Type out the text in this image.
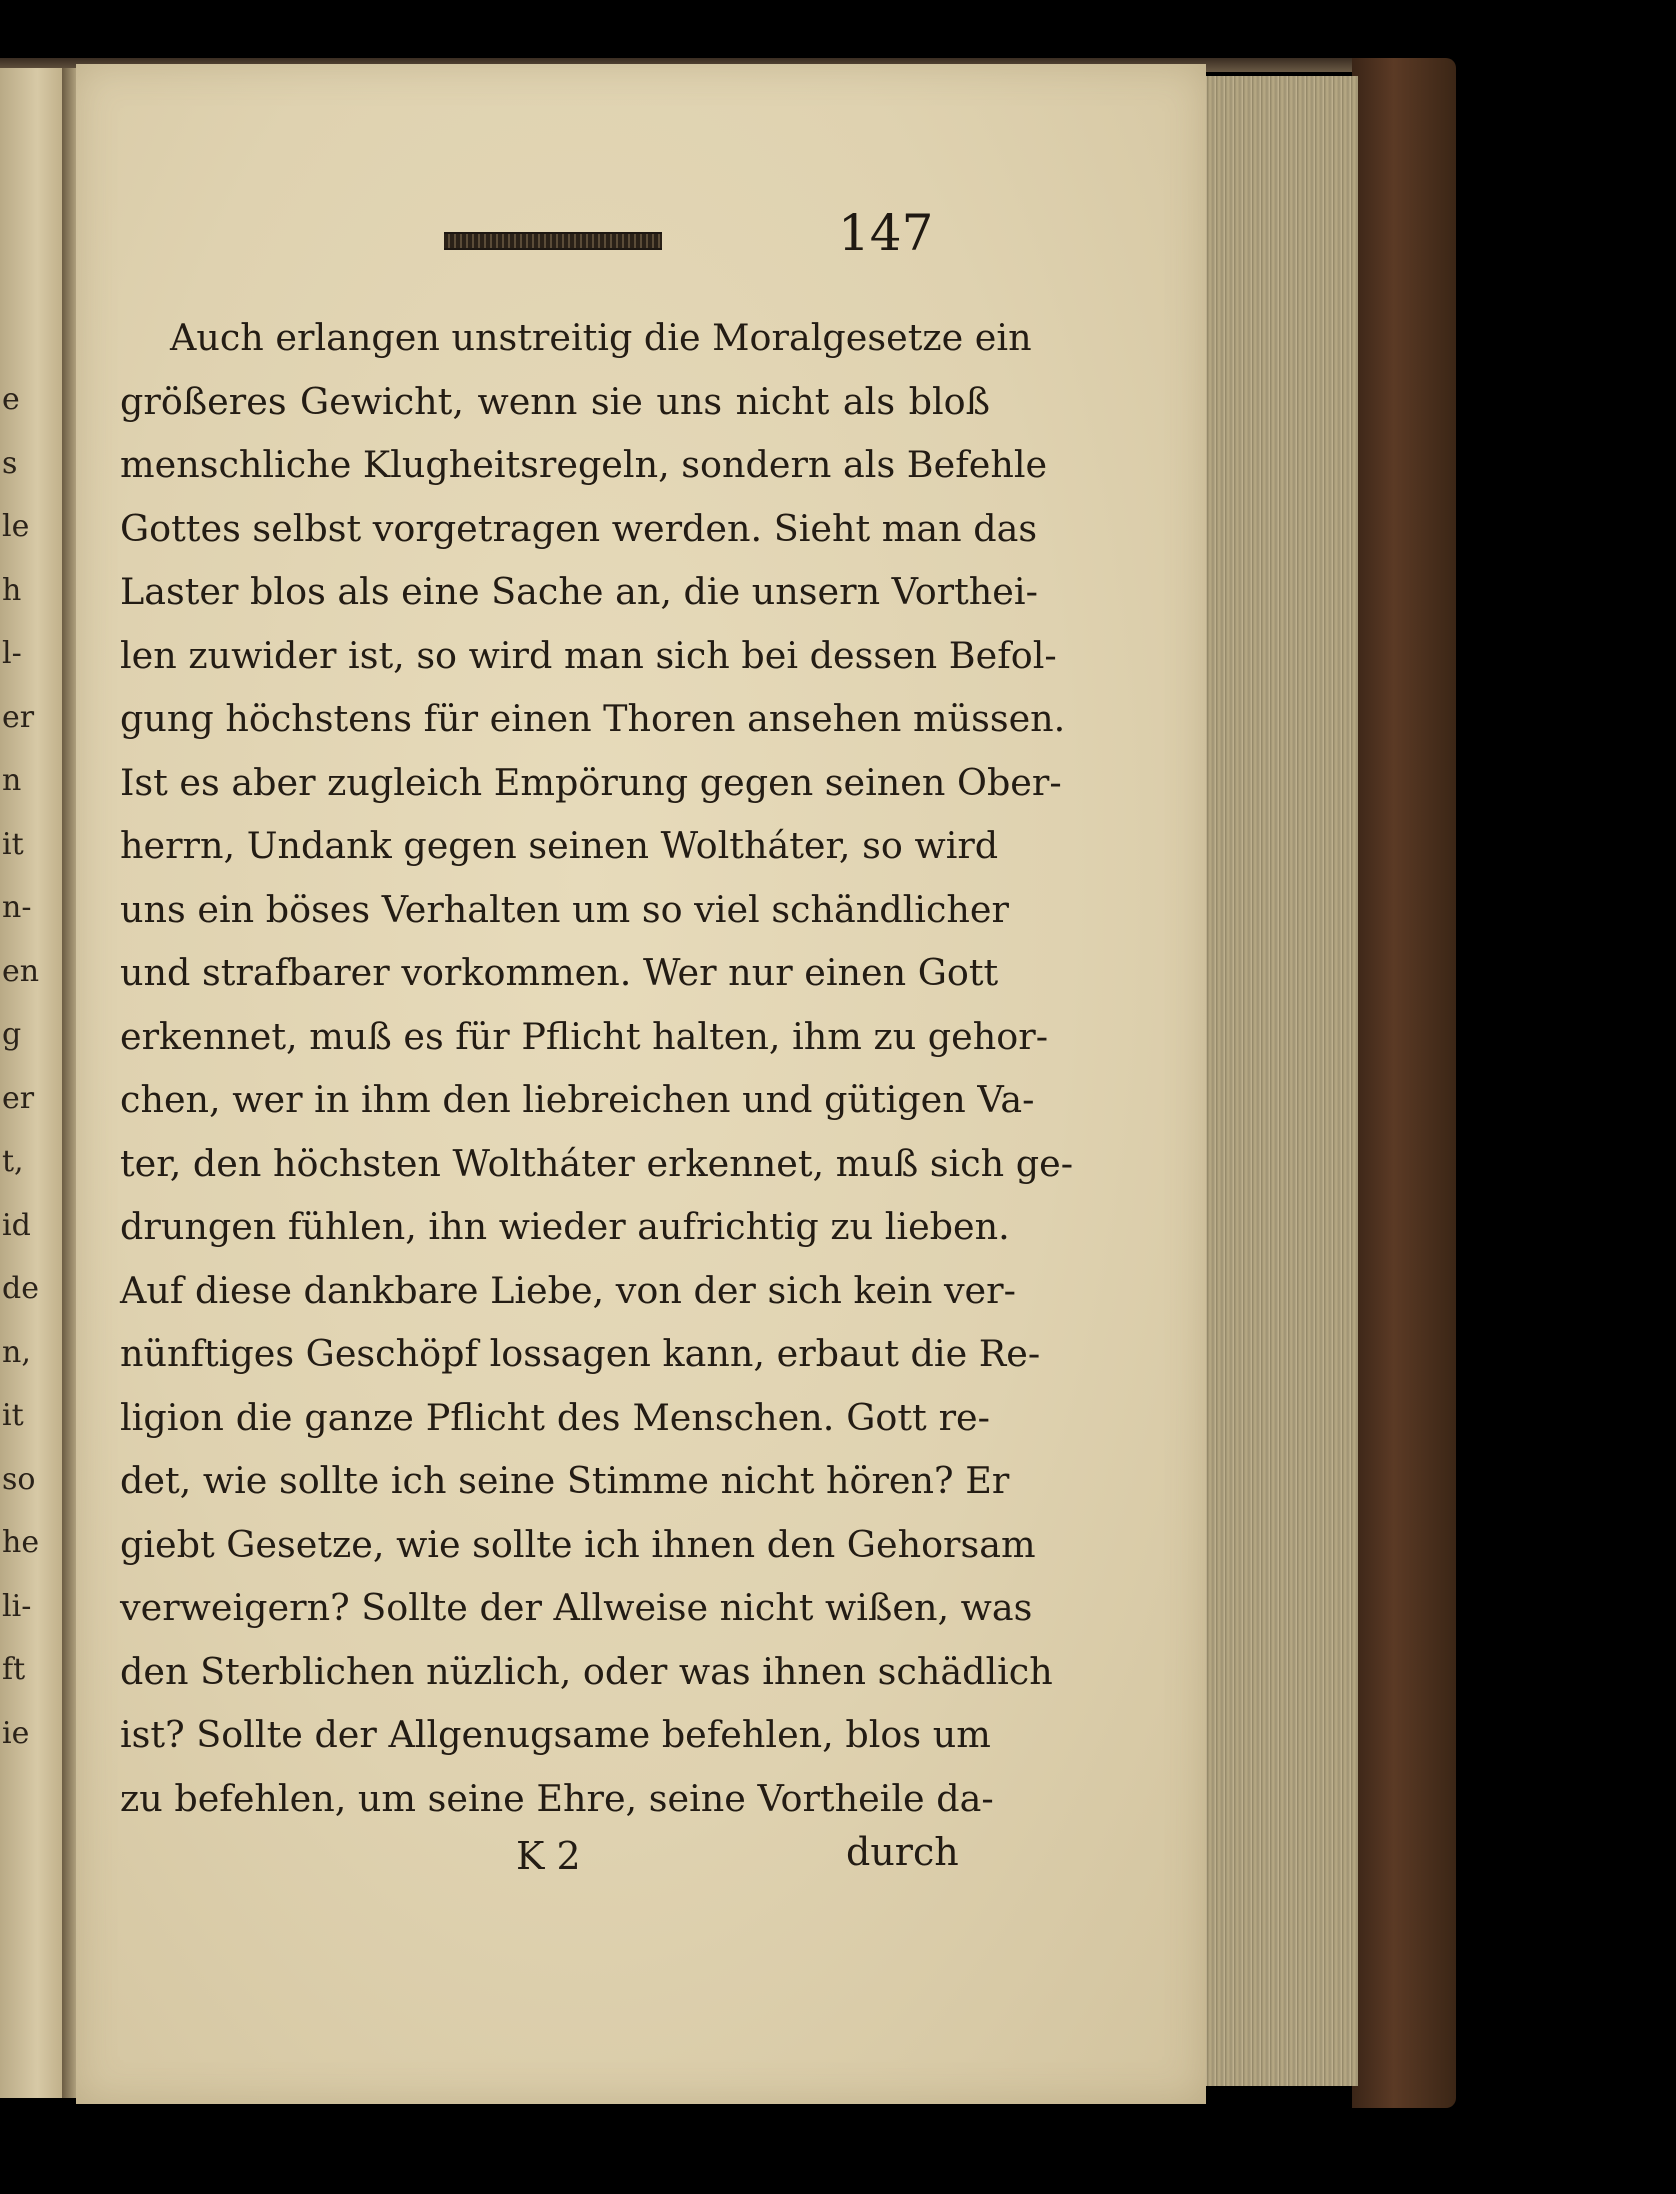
e
s
le
h
l-
er
n
it
n-
en
g
er
t,
id
de
n,
it
so
he
li-
ft
ie
147
Auch erlangen unstreitig die Moralgesetze ein
größeres Gewicht, wenn sie uns nicht als bloß
menschliche Klugheitsregeln, sondern als Befehle
Gottes selbst vorgetragen werden. Sieht man das
Laster blos als eine Sache an, die unsern Vorthei-
len zuwider ist, so wird man sich bei dessen Befol-
gung höchstens für einen Thoren ansehen müssen.
Ist es aber zugleich Empörung gegen seinen Ober-
herrn, Undank gegen seinen Woltháter, so wird
uns ein böses Verhalten um so viel schändlicher
und strafbarer vorkommen. Wer nur einen Gott
erkennet, muß es für Pflicht halten, ihm zu gehor-
chen, wer in ihm den liebreichen und gütigen Va-
ter, den höchsten Woltháter erkennet, muß sich ge-
drungen fühlen, ihn wieder aufrichtig zu lieben.
Auf diese dankbare Liebe, von der sich kein ver-
nünftiges Geschöpf lossagen kann, erbaut die Re-
ligion die ganze Pflicht des Menschen. Gott re-
det, wie sollte ich seine Stimme nicht hören? Er
giebt Gesetze, wie sollte ich ihnen den Gehorsam
verweigern? Sollte der Allweise nicht wißen, was
den Sterblichen nüzlich, oder was ihnen schädlich
ist? Sollte der Allgenugsame befehlen, blos um
zu befehlen, um seine Ehre, seine Vortheile da-
K 2	durch
